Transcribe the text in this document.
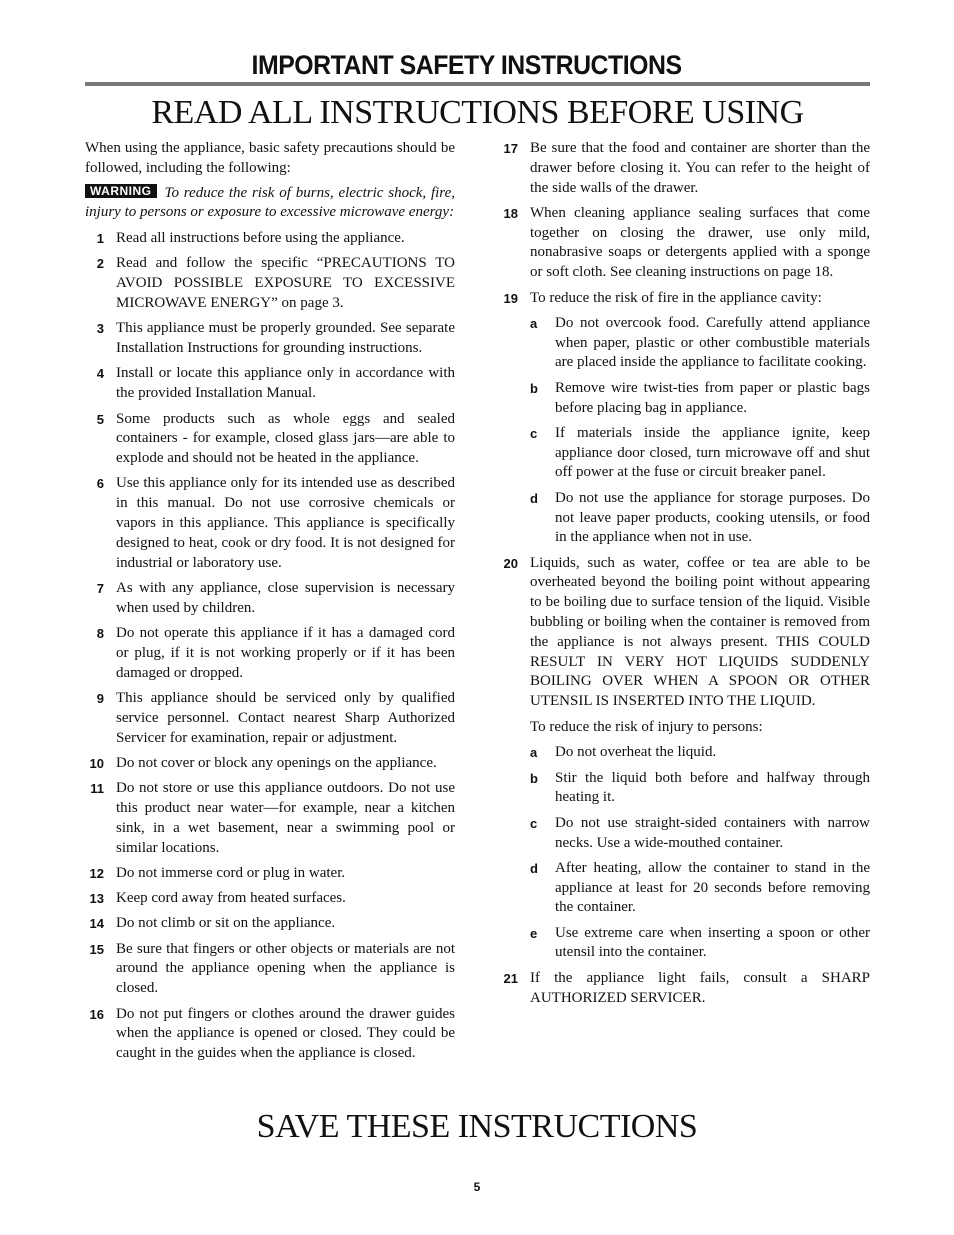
IMPORTANT SAFETY INSTRUCTIONS
READ ALL INSTRUCTIONS BEFORE USING

When using the appliance, basic safety precautions should be followed, including the following:

WARNING To reduce the risk of burns, electric shock, fire, injury to persons or exposure to excessive microwave energy:

1 Read all instructions before using the appliance.
2 Read and follow the specific “PRECAUTIONS TO AVOID POSSIBLE EXPOSURE TO EXCESSIVE MICROWAVE ENERGY” on page 3.
3 This appliance must be properly grounded. See separate Installation Instructions for grounding instructions.
4 Install or locate this appliance only in accordance with the provided Installation Manual.
5 Some products such as whole eggs and sealed containers - for example, closed glass jars—are able to explode and should not be heated in the appliance.
6 Use this appliance only for its intended use as described in this manual. Do not use corrosive chemicals or vapors in this appliance. This appliance is specifically designed to heat, cook or dry food. It is not designed for industrial or laboratory use.
7 As with any appliance, close supervision is necessary when used by children.
8 Do not operate this appliance if it has a damaged cord or plug, if it is not working properly or if it has been damaged or dropped.
9 This appliance should be serviced only by qualified service personnel. Contact nearest Sharp Authorized Servicer for examination, repair or adjustment.
10 Do not cover or block any openings on the appliance.
11 Do not store or use this appliance outdoors. Do not use this product near water—for example, near a kitchen sink, in a wet basement, near a swimming pool or similar locations.
12 Do not immerse cord or plug in water.
13 Keep cord away from heated surfaces.
14 Do not climb or sit on the appliance.
15 Be sure that fingers or other objects or materials are not around the appliance opening when the appliance is closed.
16 Do not put fingers or clothes around the drawer guides when the appliance is opened or closed. They could be caught in the guides when the appliance is closed.
17 Be sure that the food and container are shorter than the drawer before closing it. You can refer to the height of the side walls of the drawer.
18 When cleaning appliance sealing surfaces that come together on closing the drawer, use only mild, nonabrasive soaps or detergents applied with a sponge or soft cloth. See cleaning instructions on page 18.
19 To reduce the risk of fire in the appliance cavity:
a Do not overcook food. Carefully attend appliance when paper, plastic or other combustible materials are placed inside the appliance to facilitate cooking.
b Remove wire twist-ties from paper or plastic bags before placing bag in appliance.
c If materials inside the appliance ignite, keep appliance door closed, turn microwave off and shut off power at the fuse or circuit breaker panel.
d Do not use the appliance for storage purposes. Do not leave paper products, cooking utensils, or food in the appliance when not in use.
20 Liquids, such as water, coffee or tea are able to be overheated beyond the boiling point without appearing to be boiling due to surface tension of the liquid. Visible bubbling or boiling when the container is removed from the appliance is not always present. THIS COULD RESULT IN VERY HOT LIQUIDS SUDDENLY BOILING OVER WHEN A SPOON OR OTHER UTENSIL IS INSERTED INTO THE LIQUID.

To reduce the risk of injury to persons:

a Do not overheat the liquid.
b Stir the liquid both before and halfway through heating it.
c Do not use straight-sided containers with narrow necks. Use a wide-mouthed container.
d After heating, allow the container to stand in the appliance at least for 20 seconds before removing the container.
e Use extreme care when inserting a spoon or other utensil into the container.
21 If the appliance light fails, consult a SHARP AUTHORIZED SERVICER.
SAVE THESE INSTRUCTIONS
5
